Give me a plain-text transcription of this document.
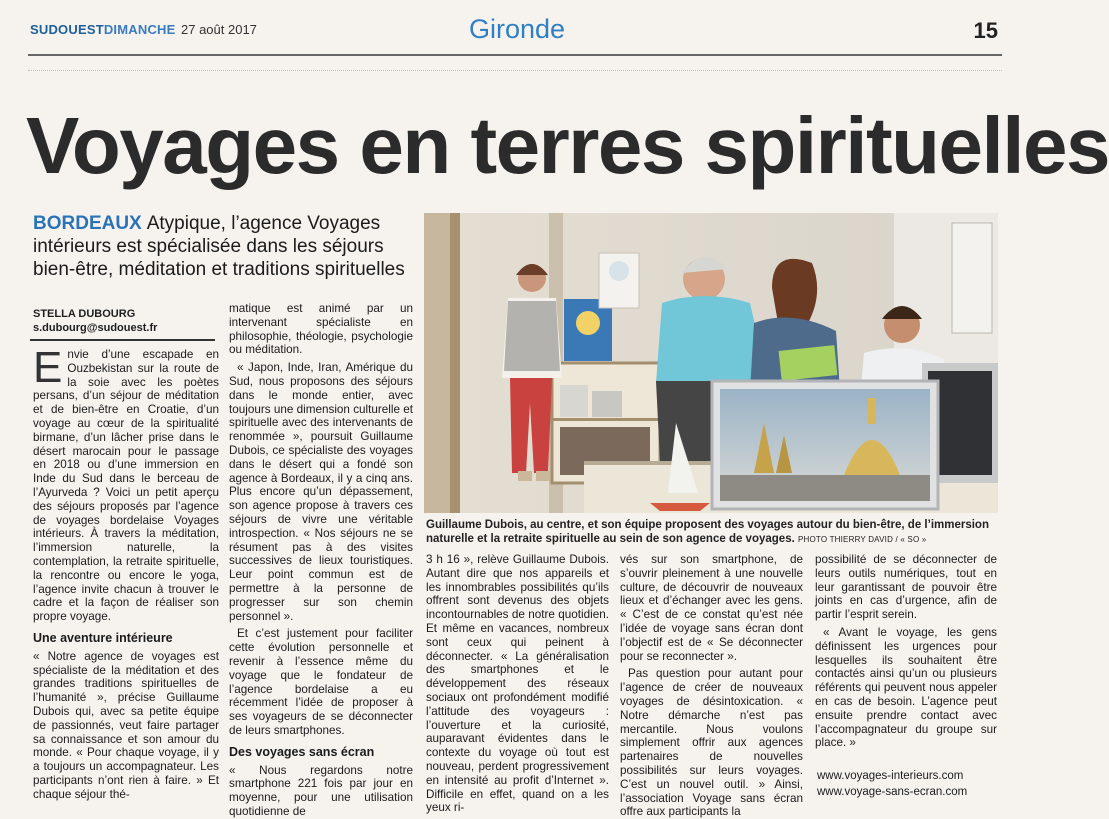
SUDOUESTDIMANCHE 27 août 2017	Gironde	15
Voyages en terres spirituelles
BORDEAUX Atypique, l’agence Voyages intérieurs est spécialisée dans les séjours bien-être, méditation et traditions spirituelles
STELLA DUBOURG
s.dubourg@sudouest.fr

Envie d’une escapade en Ouzbekistan sur la route de la soie avec les poètes persans, d’un séjour de méditation et de bien-être en Croatie, d’un voyage au cœur de la spiritualité birmane, d’un lâcher prise dans le désert marocain pour le passage en 2018 ou d’une immersion en Inde du Sud dans le berceau de l’Ayurveda ? Voici un petit aperçu des séjours proposés par l’agence de voyages bordelaise Voyages intérieurs. À travers la méditation, l’immersion naturelle, la contemplation, la retraite spirituelle, la rencontre ou encore le yoga, l’agence invite chacun à trouver le cadre et la façon de réaliser son propre voyage.

Une aventure intérieure

« Notre agence de voyages est spécialiste de la méditation et des grandes traditions spirituelles de l’humanité », précise Guillaume Dubois qui, avec sa petite équipe de passionnés, veut faire partager sa connaissance et son amour du monde. « Pour chaque voyage, il y a toujours un accompagnateur. Les participants n’ont rien à faire. » Et chaque séjour thé-

matique est animé par un intervenant spécialiste en philosophie, théologie, psychologie ou méditation.

« Japon, Inde, Iran, Amérique du Sud, nous proposons des séjours dans le monde entier, avec toujours une dimension culturelle et spirituelle avec des intervenants de renommée », poursuit Guillaume Dubois, ce spécialiste des voyages dans le désert qui a fondé son agence à Bordeaux, il y a cinq ans. Plus encore qu’un dépassement, son agence propose à travers ces séjours de vivre une véritable introspection. « Nos séjours ne se résument pas à des visites successives de lieux touristiques. Leur point commun est de permettre à la personne de progresser sur son chemin personnel ».

Et c’est justement pour faciliter cette évolution personnelle et revenir à l’essence même du voyage que le fondateur de l’agence bordelaise a eu récemment l’idée de proposer à ses voyageurs de se déconnecter de leurs smartphones.

Des voyages sans écran

« Nous regardons notre smartphone 221 fois par jour en moyenne, pour une utilisation quotidienne de

Guillaume Dubois, au centre, et son équipe proposent des voyages autour du bien-être, de l’immersion naturelle et la retraite spirituelle au sein de son agence de voyages. PHOTO THIERRY DAVID / « SO »

3 h 16 », relève Guillaume Dubois. Autant dire que nos appareils et les innombrables possibilités qu’ils offrent sont devenus des objets incontournables de notre quotidien. Et même en vacances, nombreux sont ceux qui peinent à déconnecter. « La généralisation des smartphones et le développement des réseaux sociaux ont profondément modifié l’attitude des voyageurs : l’ouverture et la curiosité, auparavant évidentes dans le contexte du voyage où tout est nouveau, perdent progressivement en intensité au profit d’Internet ». Difficile en effet, quand on a les yeux ri-

vés sur son smartphone, de s’ouvrir pleinement à une nouvelle culture, de découvrir de nouveaux lieux et d’échanger avec les gens. « C’est de ce constat qu’est née l’idée de voyage sans écran dont l’objectif est de « Se déconnecter pour se reconnecter ».

Pas question pour autant pour l’agence de créer de nouveaux voyages de désintoxication. « Notre démarche n’est pas mercantile. Nous voulons simplement offrir aux agences partenaires de nouvelles possibilités sur leurs voyages. C’est un nouvel outil. » Ainsi, l’association Voyage sans écran offre aux participants la

possibilité de se déconnecter de leurs outils numériques, tout en leur garantissant de pouvoir être joints en cas d’urgence, afin de partir l’esprit serein.

« Avant le voyage, les gens définissent les urgences pour lesquelles ils souhaitent être contactés ainsi qu’un ou plusieurs référents qui peuvent nous appeler en cas de besoin. L’agence peut ensuite prendre contact avec l’accompagnateur du groupe sur place. »

www.voyages-interieurs.com
www.voyage-sans-ecran.com
